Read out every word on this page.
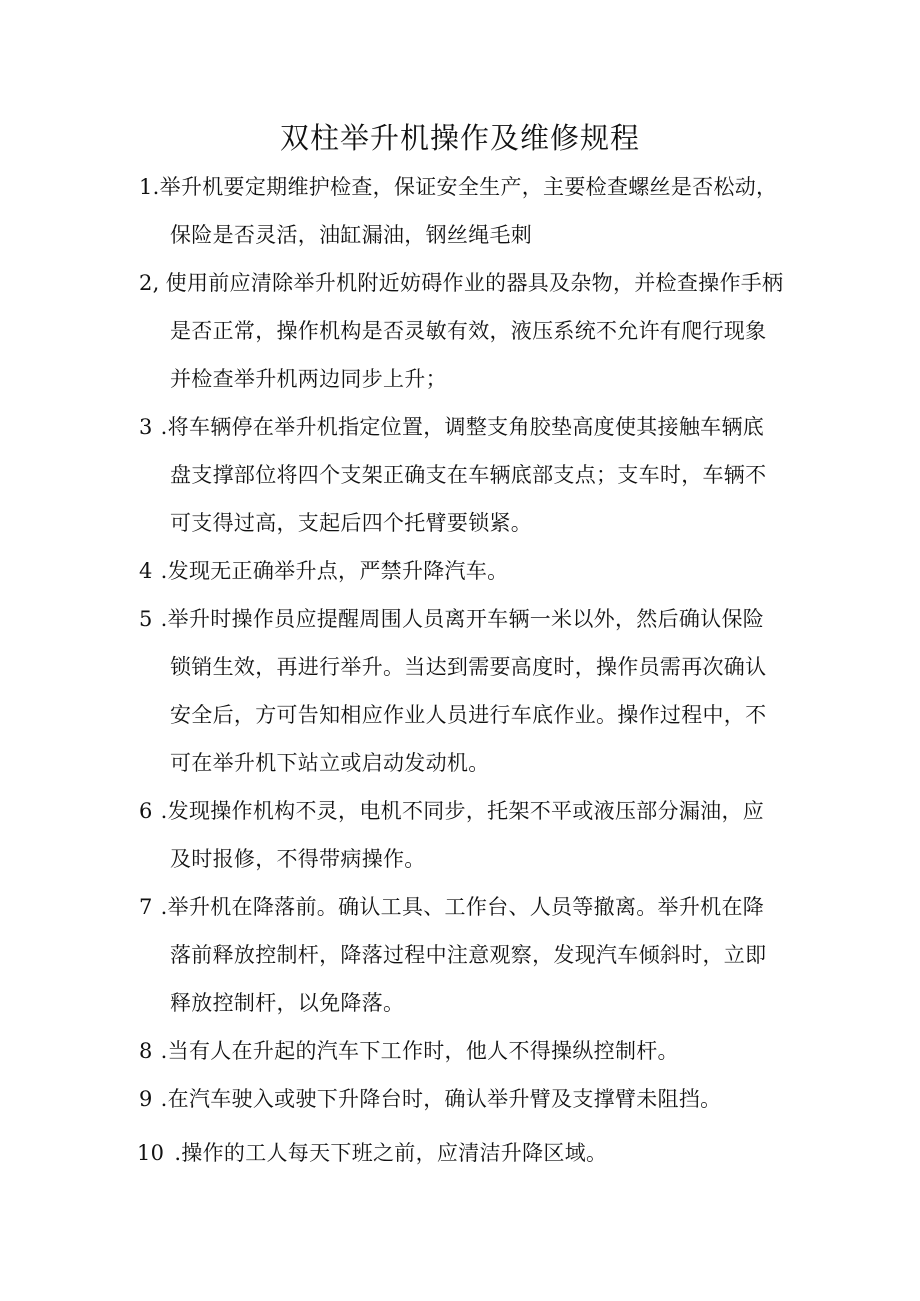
双柱举升机操作及维修规程
1.举升机要定期维护检查，保证安全生产，主要检查螺丝是否松动，
保险是否灵活，油缸漏油，钢丝绳毛刺
2, 使用前应清除举升机附近妨碍作业的器具及杂物，并检查操作手柄
是否正常，操作机构是否灵敏有效，液压系统不允许有爬行现象
并检查举升机两边同步上升；
3 .将车辆停在举升机指定位置，调整支角胶垫高度使其接触车辆底
盘支撑部位将四个支架正确支在车辆底部支点；支车时，车辆不
可支得过高，支起后四个托臂要锁紧。
4 .发现无正确举升点，严禁升降汽车。
5 .举升时操作员应提醒周围人员离开车辆一米以外，然后确认保险
锁销生效，再进行举升。当达到需要高度时，操作员需再次确认
安全后，方可告知相应作业人员进行车底作业。操作过程中，不
可在举升机下站立或启动发动机。
6 .发现操作机构不灵，电机不同步，托架不平或液压部分漏油，应
及时报修，不得带病操作。
7 .举升机在降落前。确认工具、工作台、人员等撤离。举升机在降
落前释放控制杆，降落过程中注意观察，发现汽车倾斜时，立即
释放控制杆，以免降落。
8 .当有人在升起的汽车下工作时，他人不得操纵控制杆。
9 .在汽车驶入或驶下升降台时，确认举升臂及支撑臂未阻挡。
10 .操作的工人每天下班之前，应清洁升降区域。
